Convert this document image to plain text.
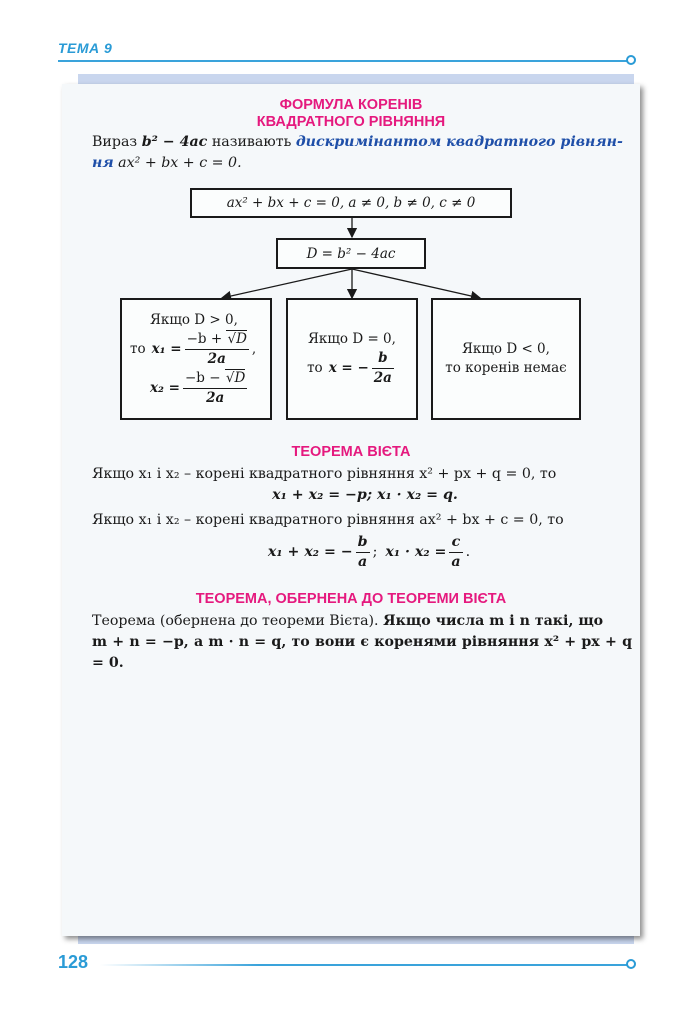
ТЕМА 9
128
ФОРМУЛА КОРЕНІВ
КВАДРАТНОГО РІВНЯННЯ
Вираз b² − 4ac називають дискримінантом квадратного рівнян-
ня ax² + bx + c = 0.
ax² + bx + c = 0, a ≠ 0, b ≠ 0, c ≠ 0
D = b² − 4ac
Якщо D > 0,
то $x_1 = \frac{-b + √D}{2a}$ ,
$x_2 = \frac{-b - √D}{2a}$
Якщо D = 0,
то x = − $\frac{b}{2a}$	Якщо D < 0,
то коренів немає
ТЕОРЕМА ВІЄТА
Якщо x₁ і x₂ – корені квадратного рівняння x² + px + q = 0, то
x₁ + x₂ = −p; x₁ · x₂ = q.
Якщо x₁ і x₂ – корені квадратного рівняння ax² + bx + c = 0, то
x₁ + x₂ = − $\frac{b}{a}$ ; $x_1 \cdot x_2 = \frac{c}{a}$ .
ТЕОРЕМА, ОБЕРНЕНА ДО ТЕОРЕМИ ВІЄТА
Теорема (обернена до теореми Вієта). Якщо числа m і n такі, що
m + n = −p, а m · n = q, то вони є коренями рівняння x² + px + q = 0.
